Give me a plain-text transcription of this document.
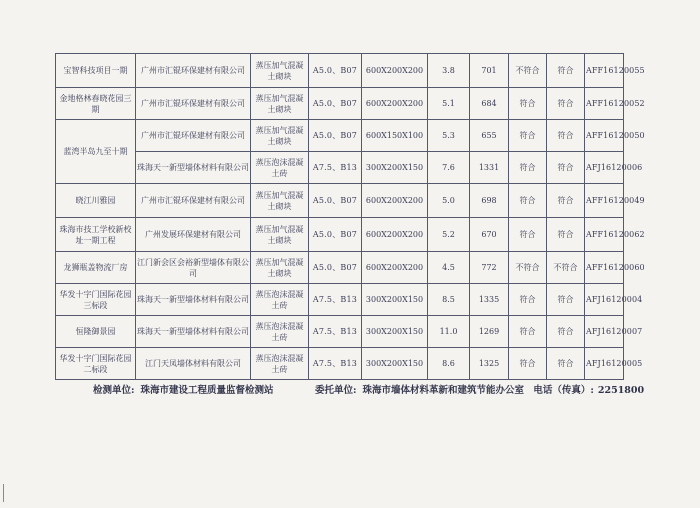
宝智科技项目一期	广州市汇锟环保建材有限公司	蒸压加气混凝土砌块	A5.0、B07	600X200X200	3.8	701	不符合	符合	AFF16120055
金地格林春晓花园三期	广州市汇锟环保建材有限公司	蒸压加气混凝土砌块	A5.0、B07	600X200X200	5.1	684	符合	符合	AFF16120052
蓝湾半岛九至十期	广州市汇锟环保建材有限公司	蒸压加气混凝土砌块	A5.0、B07	600X150X100	5.3	655	符合	符合	AFF16120050
	珠海天一新型墙体材料有限公司	蒸压泡沫混凝土砖	A7.5、B13	300X200X150	7.6	1331	符合	符合	AFJ16120006
晓江川雅园	广州市汇锟环保建材有限公司	蒸压加气混凝土砌块	A5.0、B07	600X200X200	5.0	698	符合	符合	AFF16120049
珠海市技工学校新校址一期工程	广州发展环保建材有限公司	蒸压加气混凝土砌块	A5.0、B07	600X200X200	5.2	670	符合	符合	AFF16120062
龙狮瓶盖物流厂房	江门新会区会裕新型墙体有限公司	蒸压加气混凝土砌块	A5.0、B07	600X200X200	4.5	772	不符合	不符合	AFF16120060
华发十字门国际花园三标段	珠海天一新型墙体材料有限公司	蒸压泡沫混凝土砖	A7.5、B13	300X200X150	8.5	1335	符合	符合	AFJ16120004
恒隆御景园	珠海天一新型墙体材料有限公司	蒸压泡沫混凝土砖	A7.5、B13	300X200X150	11.0	1269	符合	符合	AFJ16120007
华发十字门国际花园二标段	江门天凤墙体材料有限公司	蒸压泡沫混凝土砖	A7.5、B13	300X200X150	8.6	1325	符合	符合	AFJ16120005
检测单位: 珠海市建设工程质量监督检测站	委托单位: 珠海市墙体材料革新和建筑节能办公室 电话（传真）: 2251800
